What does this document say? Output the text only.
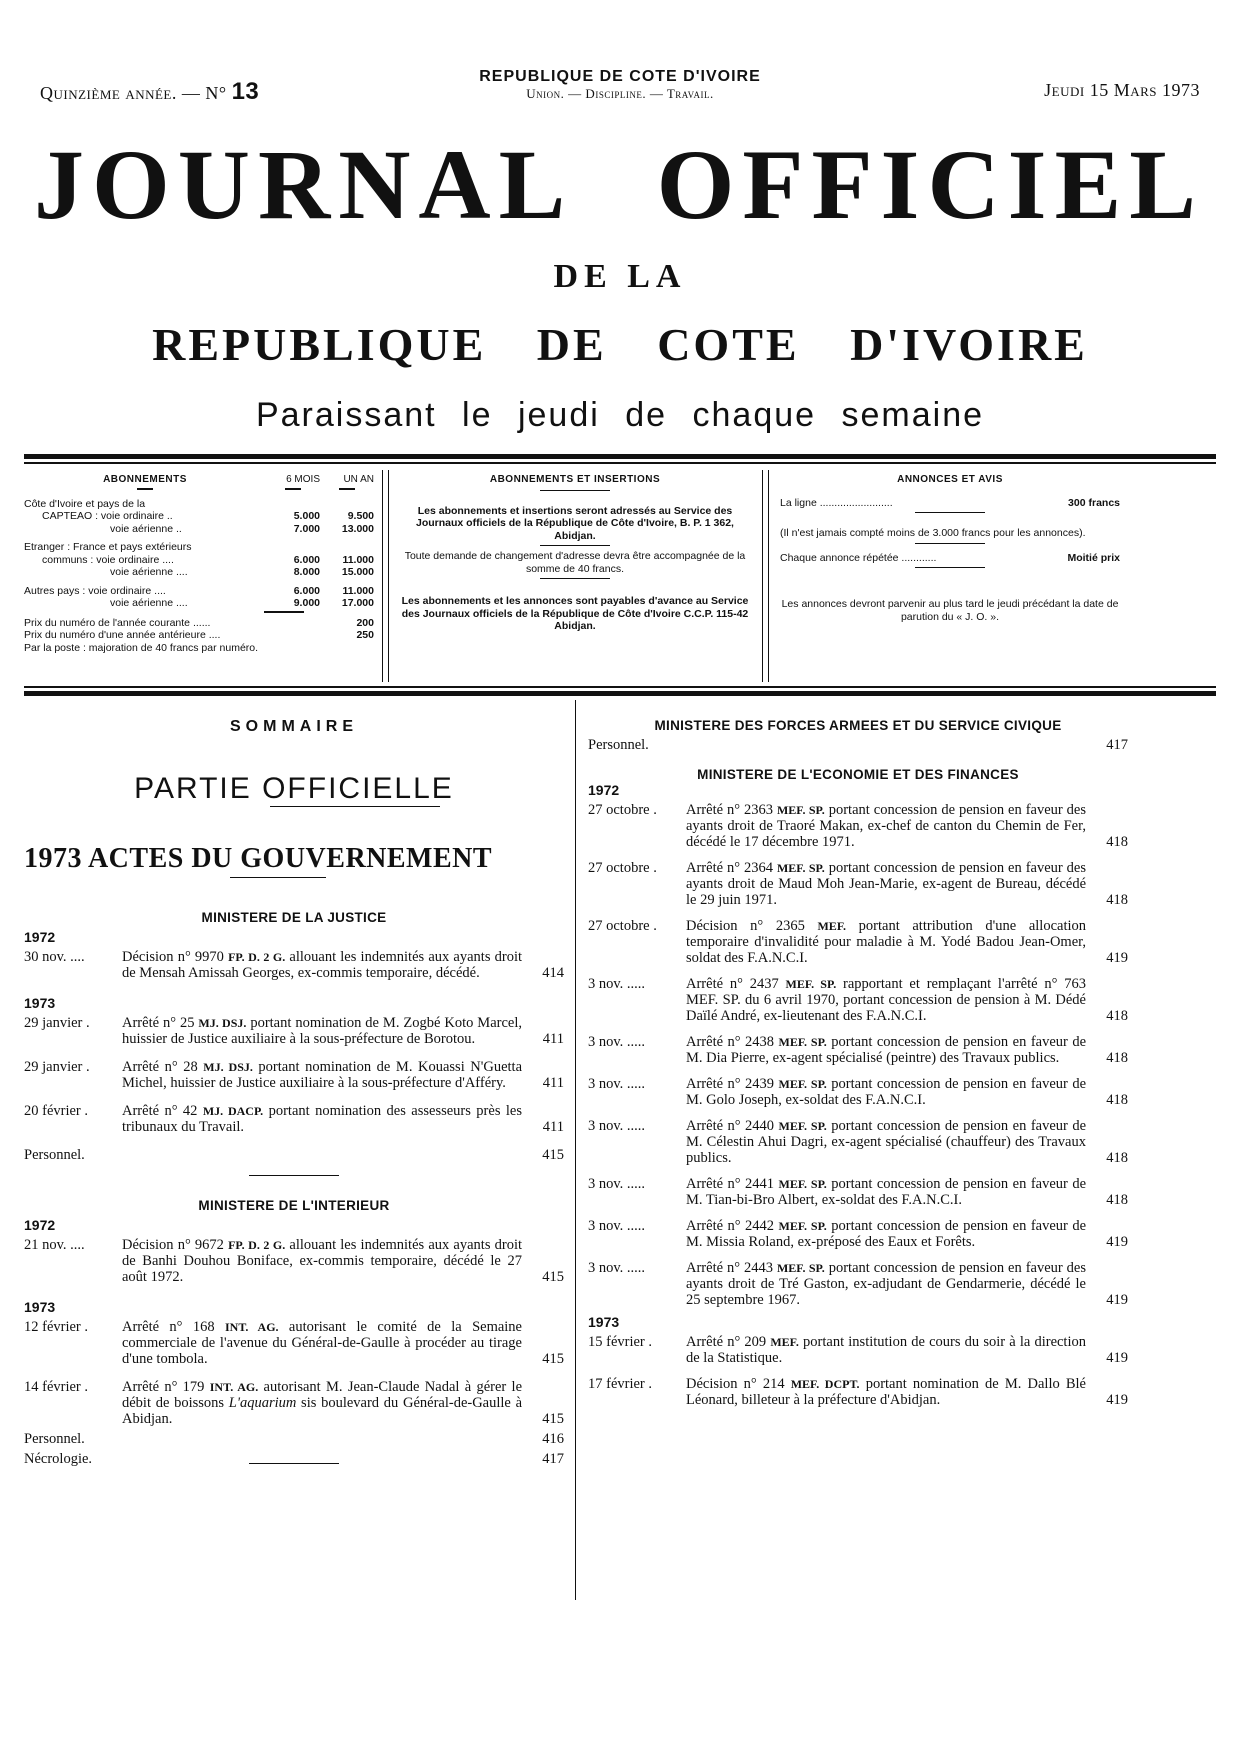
Quinzième année. — N° 13
REPUBLIQUE DE COTE D'IVOIRE
Union. — Discipline. — Travail.	Jeudi 15 Mars 1973
JOURNAL OFFICIEL
DE LA
REPUBLIQUE DE COTE D'IVOIRE
Paraissant le jeudi de chaque semaine
ABONNEMENTS	6 MOIS	UN AN

Côte d'Ivoire et pays de la		
CAPTEAO : voie ordinaire ..	5.000	9.500
voie aérienne ..	7.000	13.000
Etranger : France et pays extérieurs		
communs : voie ordinaire ....	6.000	11.000
voie aérienne ....	8.000	15.000
Autres pays : voie ordinaire ....	6.000	11.000
voie aérienne ....	9.000	17.000

Prix du numéro de l'année courante ......		200
Prix du numéro d'une année antérieure ....		250
Par la poste : majoration de 40 francs par numéro.		
ABONNEMENTS ET INSERTIONS
Les abonnements et insertions seront adressés au Service des Journaux officiels de la République de Côte d'Ivoire, B. P. 1 362, Abidjan.
Toute demande de changement d'adresse devra être accompagnée de la somme de 40 francs.
Les abonnements et les annonces sont payables d'avance au Service des Journaux officiels de la République de Côte d'Ivoire C.C.P. 115-42 Abidjan.
ANNONCES ET AVIS
La ligne .........................	300 francs
(Il n'est jamais compté moins de 3.000 francs pour les annonces).
Chaque annonce répétée ............	Moitié prix
Les annonces devront parvenir au plus tard le jeudi précédant la date de parution du « J. O. ».
SOMMAIRE
PARTIE OFFICIELLE
1973 ACTES DU GOUVERNEMENT
MINISTERE DE LA JUSTICE
1972
30 nov. ....	Décision n° 9970 FP. D. 2 G. allouant les indemnités aux ayants droit de Mensah Amissah Georges, ex-commis temporaire, décédé.	414
1973
29 janvier . Arrêté n° 25 MJ. DSJ. portant nomination de M. Zogbé Koto Marcel, huissier de Justice auxiliaire à la sous-préfecture de Borotou.	411
29 janvier . Arrêté n° 28 MJ. DSJ. portant nomination de M. Kouassi N'Guetta Michel, huissier de Justice auxiliaire à la sous-préfecture d'Afféry.	411
20 février . Arrêté n° 42 MJ. DACP. portant nomination des assesseurs près les tribunaux du Travail.	411
Personnel.	415
MINISTERE DE L'INTERIEUR
1972
21 nov. ....	Décision n° 9672 FP. D. 2 G. allouant les indemnités aux ayants droit de Banhi Douhou Boniface, ex-commis temporaire, décédé le 27 août 1972.	415
1973
12 février . Arrêté n° 168 INT. AG. autorisant le comité de la Semaine commerciale de l'avenue du Général-de-Gaulle à procéder au tirage d'une tombola.	415
14 février . Arrêté n° 179 INT. AG. autorisant M. Jean-Claude Nadal à gérer le débit de boissons L'aquarium sis boulevard du Général-de-Gaulle à Abidjan.	415
Personnel.	416
Nécrologie.	417
MINISTERE DES FORCES ARMEES ET DU SERVICE CIVIQUE
Personnel.	417
MINISTERE DE L'ECONOMIE ET DES FINANCES
1972
27 octobre . Arrêté n° 2363 MEF. SP. portant concession de pension en faveur des ayants droit de Traoré Makan, ex-chef de canton du Chemin de Fer, décédé le 17 décembre 1971.	418
27 octobre . Arrêté n° 2364 MEF. SP. portant concession de pension en faveur des ayants droit de Maud Moh Jean-Marie, ex-agent de Bureau, décédé le 29 juin 1971.	418
27 octobre . Décision n° 2365 MEF. portant attribution d'une allocation temporaire d'invalidité pour maladie à M. Yodé Badou Jean-Omer, soldat des F.A.N.C.I.	419
3 nov. .....	Arrêté n° 2437 MEF. SP. rapportant et remplaçant l'arrêté n° 763 MEF. SP. du 6 avril 1970, portant concession de pension à M. Dédé Daïlé André, ex-lieutenant des F.A.N.C.I.	418
3 nov. .....	Arrêté n° 2438 MEF. SP. portant concession de pension en faveur de M. Dia Pierre, ex-agent spécialisé (peintre) des Travaux publics.	418
3 nov. .....	Arrêté n° 2439 MEF. SP. portant concession de pension en faveur de M. Golo Joseph, ex-soldat des F.A.N.C.I.	418
3 nov. .....	Arrêté n° 2440 MEF. SP. portant concession de pension en faveur de M. Célestin Ahui Dagri, ex-agent spécialisé (chauffeur) des Travaux publics.	418
3 nov. .....	Arrêté n° 2441 MEF. SP. portant concession de pension en faveur de M. Tian-bi-Bro Albert, ex-soldat des F.A.N.C.I.	418
3 nov. .....	Arrêté n° 2442 MEF. SP. portant concession de pension en faveur de M. Missia Roland, ex-préposé des Eaux et Forêts.	419
3 nov. .....	Arrêté n° 2443 MEF. SP. portant concession de pension en faveur des ayants droit de Tré Gaston, ex-adjudant de Gendarmerie, décédé le 25 septembre 1967.	419
1973
15 février . Arrêté n° 209 MEF. portant institution de cours du soir à la direction de la Statistique.	419
17 février . Décision n° 214 MEF. DCPT. portant nomination de M. Dallo Blé Léonard, billeteur à la préfecture d'Abidjan.	419
